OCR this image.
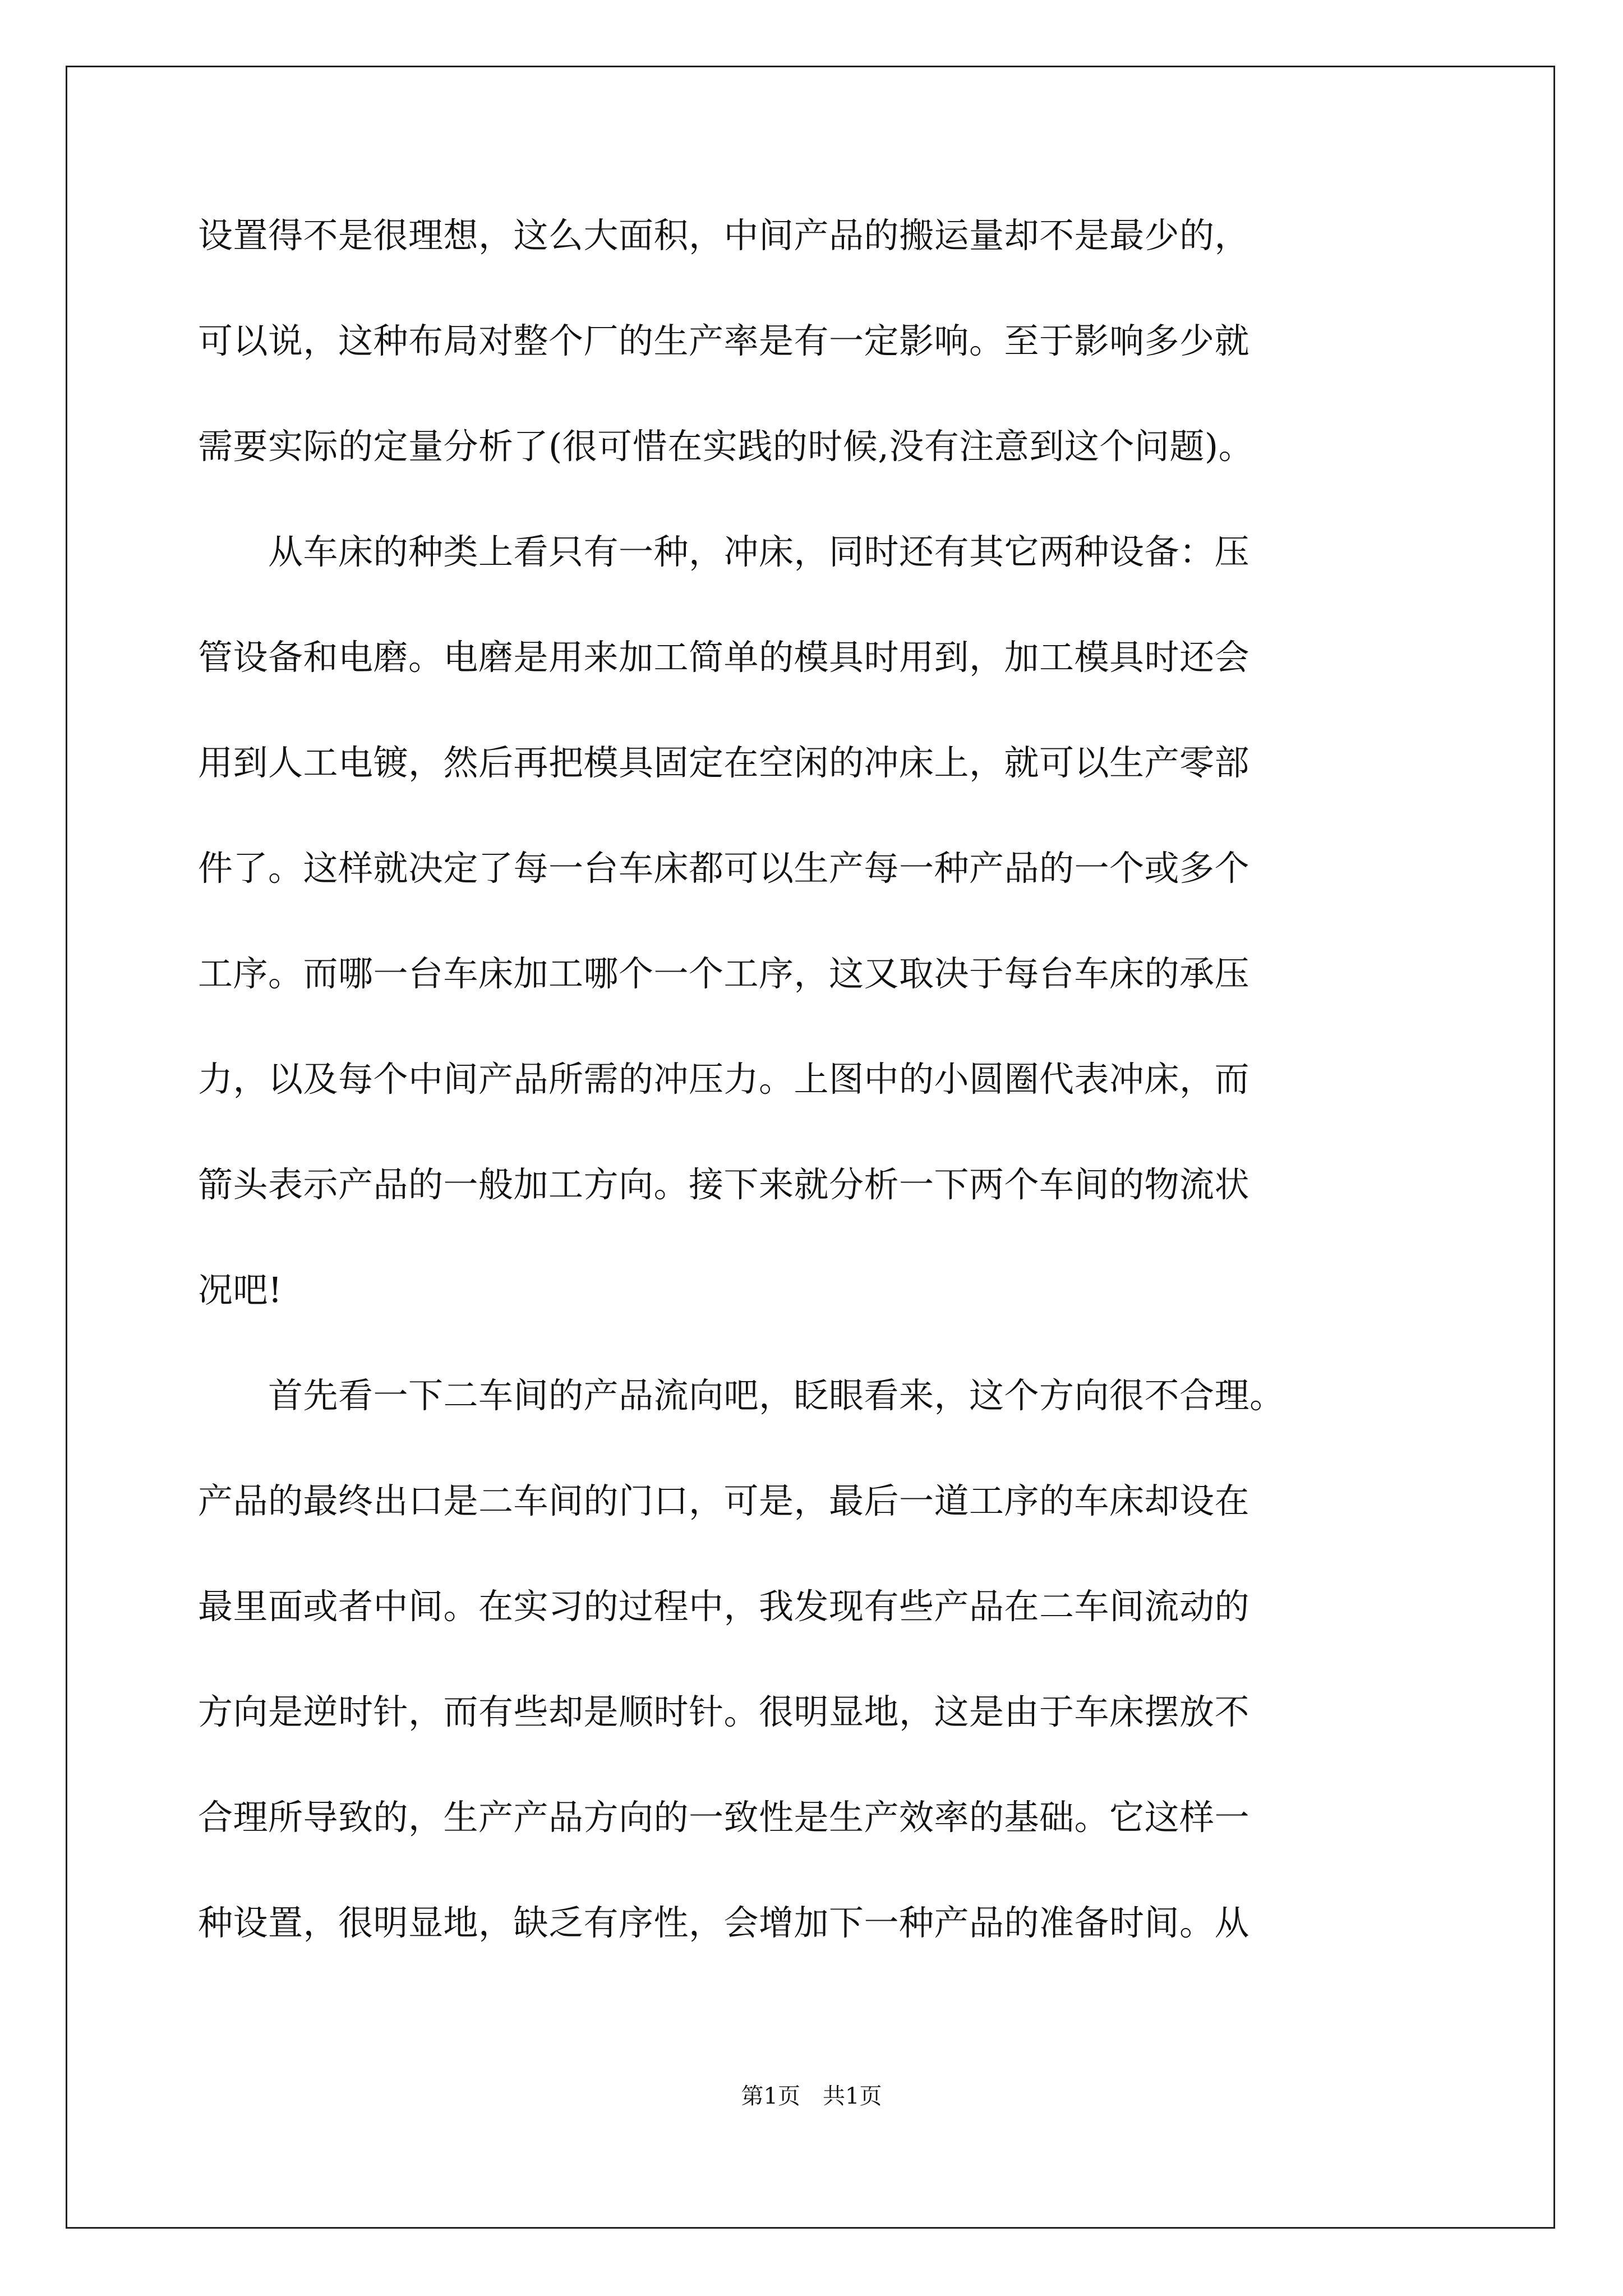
设置得不是很理想，这么大面积，中间产品的搬运量却不是最少的，
可以说，这种布局对整个厂的生产率是有一定影响。至于影响多少就
需要实际的定量分析了(很可惜在实践的时候,没有注意到这个问题)。
　　从车床的种类上看只有一种，冲床，同时还有其它两种设备：压
管设备和电磨。电磨是用来加工简单的模具时用到，加工模具时还会
用到人工电镀，然后再把模具固定在空闲的冲床上，就可以生产零部
件了。这样就决定了每一台车床都可以生产每一种产品的一个或多个
工序。而哪一台车床加工哪个一个工序，这又取决于每台车床的承压
力，以及每个中间产品所需的冲压力。上图中的小圆圈代表冲床，而
箭头表示产品的一般加工方向。接下来就分析一下两个车间的物流状
况吧!
　　首先看一下二车间的产品流向吧，眨眼看来，这个方向很不合理。
产品的最终出口是二车间的门口，可是，最后一道工序的车床却设在
最里面或者中间。在实习的过程中，我发现有些产品在二车间流动的
方向是逆时针，而有些却是顺时针。很明显地，这是由于车床摆放不
合理所导致的，生产产品方向的一致性是生产效率的基础。它这样一
种设置，很明显地，缺乏有序性，会增加下一种产品的准备时间。从
第1页　共1页
